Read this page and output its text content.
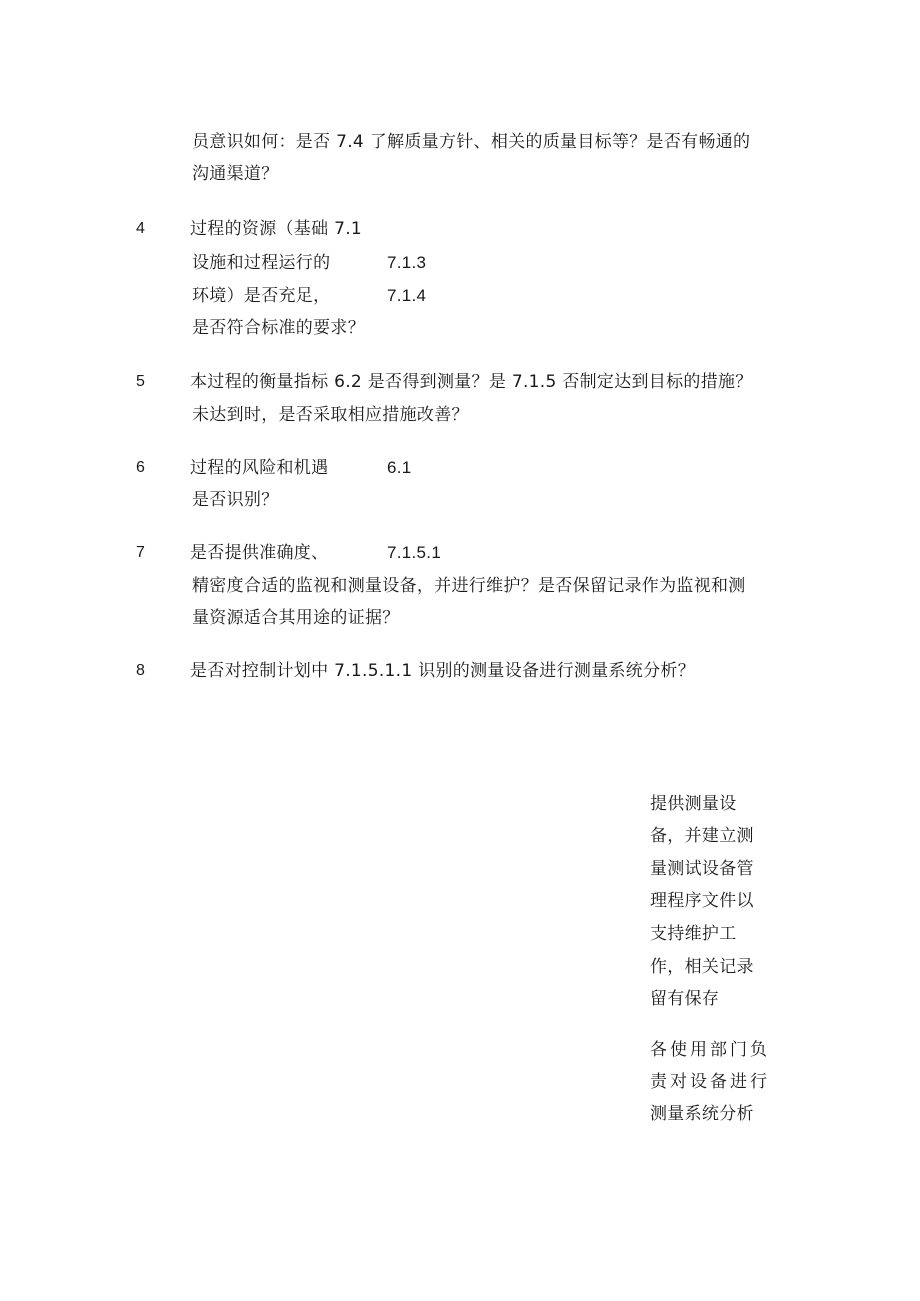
员意识如何：是否 7.4 了解质量方针、相关的质量目标等？是否有畅通的
沟通渠道？
4	过程的资源（基础 7.1
设施和过程运行的	7.1.3
环境）是否充足，	7.1.4
是否符合标准的要求？
5	本过程的衡量指标 6.2 是否得到测量？是 7.1.5 否制定达到目标的措施？
未达到时，是否采取相应措施改善？
6	过程的风险和机遇	6.1
是否识别？
7	是否提供准确度、	7.1.5.1
精密度合适的监视和测量设备，并进行维护？是否保留记录作为监视和测
量资源适合其用途的证据？
8	是否对控制计划中 7.1.5.1.1 识别的测量设备进行测量系统分析？
提供测量设
备，并建立测
量测试设备管
理程序文件以
支持维护工
作，相关记录
留有保存
各使用部门负
责对设备进行
测量系统分析
